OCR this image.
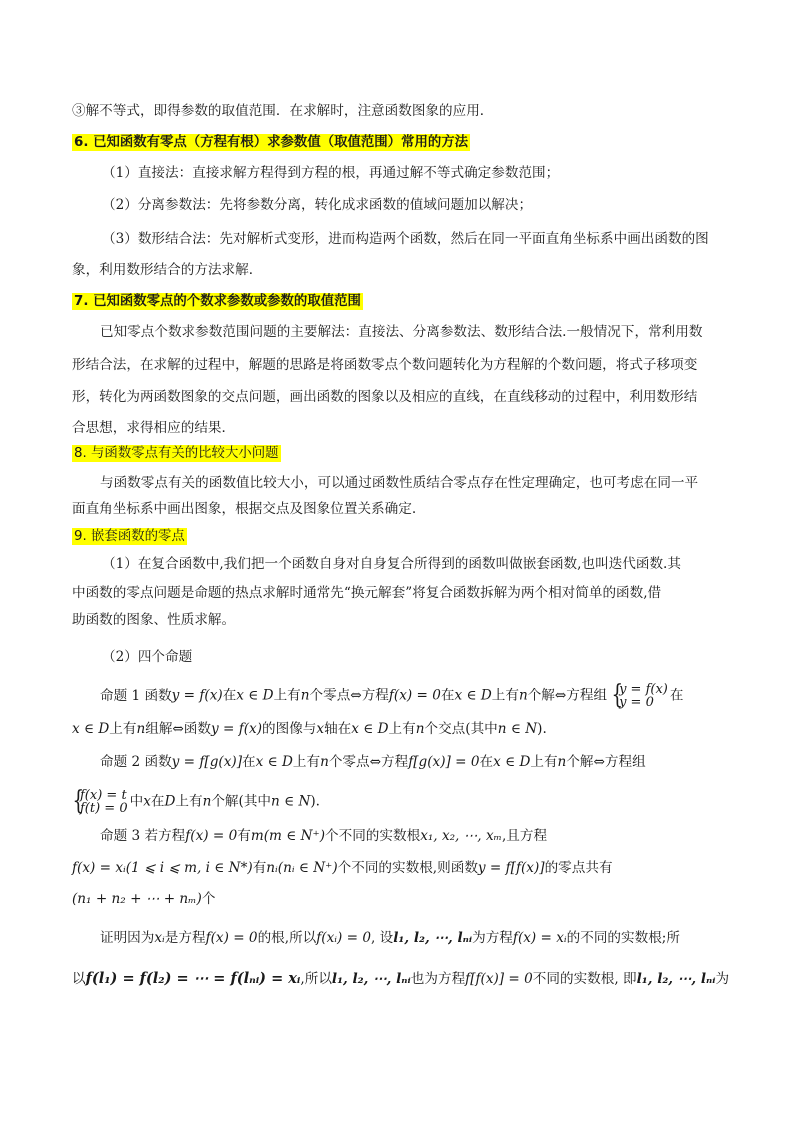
③解不等式，即得参数的取值范围．在求解时，注意函数图象的应用．
6. 已知函数有零点（方程有根）求参数值（取值范围）常用的方法
（1）直接法：直接求解方程得到方程的根，再通过解不等式确定参数范围；
（2）分离参数法：先将参数分离，转化成求函数的值域问题加以解决；
（3）数形结合法：先对解析式变形，进而构造两个函数，然后在同一平面直角坐标系中画出函数的图
象，利用数形结合的方法求解．
7. 已知函数零点的个数求参数或参数的取值范围
已知零点个数求参数范围问题的主要解法：直接法、分离参数法、数形结合法.一般情况下，常利用数
形结合法，在求解的过程中，解题的思路是将函数零点个数问题转化为方程解的个数问题，将式子移项变
形，转化为两函数图象的交点问题，画出函数的图象以及相应的直线，在直线移动的过程中，利用数形结
合思想，求得相应的结果．
8. 与函数零点有关的比较大小问题
与函数零点有关的函数值比较大小，可以通过函数性质结合零点存在性定理确定，也可考虑在同一平
面直角坐标系中画出图象，根据交点及图象位置关系确定.
9. 嵌套函数的零点
（1）在复合函数中,我们把一个函数自身对自身复合所得到的函数叫做嵌套函数,也叫迭代函数.其
中函数的零点问题是命题的热点求解时通常先“换元解套”将复合函数拆解为两个相对简单的函数,借
助函数的图象、性质求解。
（2）四个命题
命题 1 函数y = f(x)在x ∈ D上有n个零点⇔方程f(x) = 0在x ∈ D上有n个解⇔方程组
{ y = f(x)
y = 0	在
x ∈ D上有n组解⇔函数y = f(x)的图像与x轴在x ∈ D上有n个交点(其中n ∈ N).
命题 2 函数y = f[g(x)]在x ∈ D上有n个零点⇔方程f[g(x)] = 0在x ∈ D上有n个解⇔方程组
{ f(x) = t
f(t) = 0 中x在D上有n个解(其中n ∈ N).
命题 3 若方程f(x) = 0有m(m ∈ N⁺)个不同的实数根x₁, x₂, ⋯, xₘ,且方程
f(x) = xᵢ(1 ⩽ i ⩽ m, i ∈ N*)有nᵢ(nᵢ ∈ N⁺)个不同的实数根,则函数y = f[f(x)]的零点共有
(n₁ + n₂ + ⋯ + nₘ)个
证明因为xᵢ是方程f(x) = 0的根,所以f(xᵢ) = 0, 设l₁, l₂, ⋯, lₙᵢ为方程f(x) = xᵢ的不同的实数根;所
以f(l₁) = f(l₂) = ⋯ = f(lₙᵢ) = xᵢ,所以l₁, l₂, ⋯, lₙᵢ也为方程f[f(x)] = 0不同的实数根, 即l₁, l₂, ⋯, lₙᵢ为
